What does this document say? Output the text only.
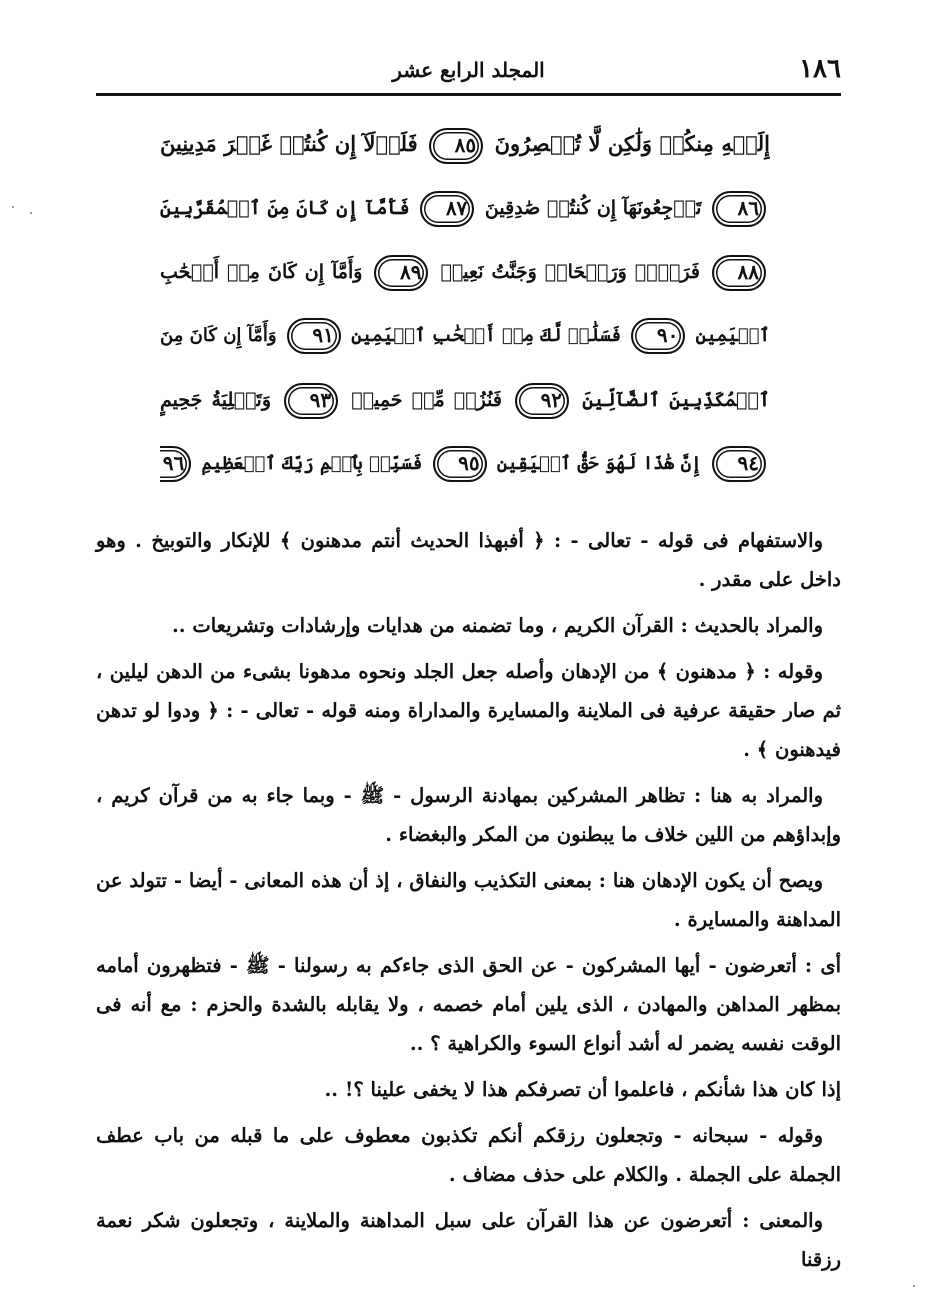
١٨٦
المجلد الرابع عشر
إِلَيۡهِ مِنكُمۡ وَلَٰكِن لَّا تُبۡصِرُونَ ٨٥ فَلَوۡلَآ إِن كُنتُمۡ غَيۡرَ مَدِينِينَ
٨٦ تَرۡجِعُونَهَآ إِن كُنتُمۡ صَٰدِقِينَ ٨٧ فَأَمَّآ إِن كَانَ مِنَ ٱلۡمُقَرَّبِينَ
٨٨ فَرَوۡحٞ وَرَيۡحَانٞ وَجَنَّتُ نَعِيمٖ ٨٩ وَأَمَّآ إِن كَانَ مِنۡ أَصۡحَٰبِ
ٱلۡيَمِينِ ٩٠ فَسَلَٰمٞ لَّكَ مِنۡ أَصۡحَٰبِ ٱلۡيَمِينِ ٩١ وَأَمَّآ إِن كَانَ مِنَ
ٱلۡمُكَذِّبِينَ ٱلضَّآلِّينَ ٩٢ فَنُزُلٞ مِّنۡ حَمِيمٖ ٩٣ وَتَصۡلِيَةُ جَحِيمٍ
٩٤ إِنَّ هَٰذَا لَهُوَ حَقُّ ٱلۡيَقِينِ ٩٥ فَسَبِّحۡ بِٱسۡمِ رَبِّكَ ٱلۡعَظِيمِ ٩٦

والاستفهام فى قوله - تعالى - : ﴿ أفبهذا الحديث أنتم مدهنون ﴾ للإنكار والتوبيخ . وهو داخل على مقدر .

والمراد بالحديث : القرآن الكريم ، وما تضمنه من هدايات وإرشادات وتشريعات ..

وقوله : ﴿ مدهنون ﴾ من الإدهان وأصله جعل الجلد ونحوه مدهونا بشىء من الدهن ليلين ، ثم صار حقيقة عرفية فى الملاينة والمسايرة والمداراة ومنه قوله - تعالى - : ﴿ ودوا لو تدهن فيدهنون ﴾ .

والمراد به هنا : تظاهر المشركين بمهادنة الرسول - ﷺ - وبما جاء به من قرآن كريم ، وإبداؤهم من اللين خلاف ما يبطنون من المكر والبغضاء .

ويصح أن يكون الإدهان هنا : بمعنى التكذيب والنفاق ، إذ أن هذه المعانى - أيضا - تتولد عن المداهنة والمسايرة .

أى : أتعرضون - أيها المشركون - عن الحق الذى جاءكم به رسولنا - ﷺ - فتظهرون أمامه بمظهر المداهن والمهادن ، الذى يلين أمام خصمه ، ولا يقابله بالشدة والحزم : مع أنه فى الوقت نفسه يضمر له أشد أنواع السوء والكراهية ؟ ..

إذا كان هذا شأنكم ، فاعلموا أن تصرفكم هذا لا يخفى علينا ؟! ..

وقوله - سبحانه - وتجعلون رزقكم أنكم تكذبون معطوف على ما قبله من باب عطف الجملة على الجملة . والكلام على حذف مضاف .

والمعنى : أتعرضون عن هذا القرآن على سبل المداهنة والملاينة ، وتجعلون شكر نعمة رزقنا
